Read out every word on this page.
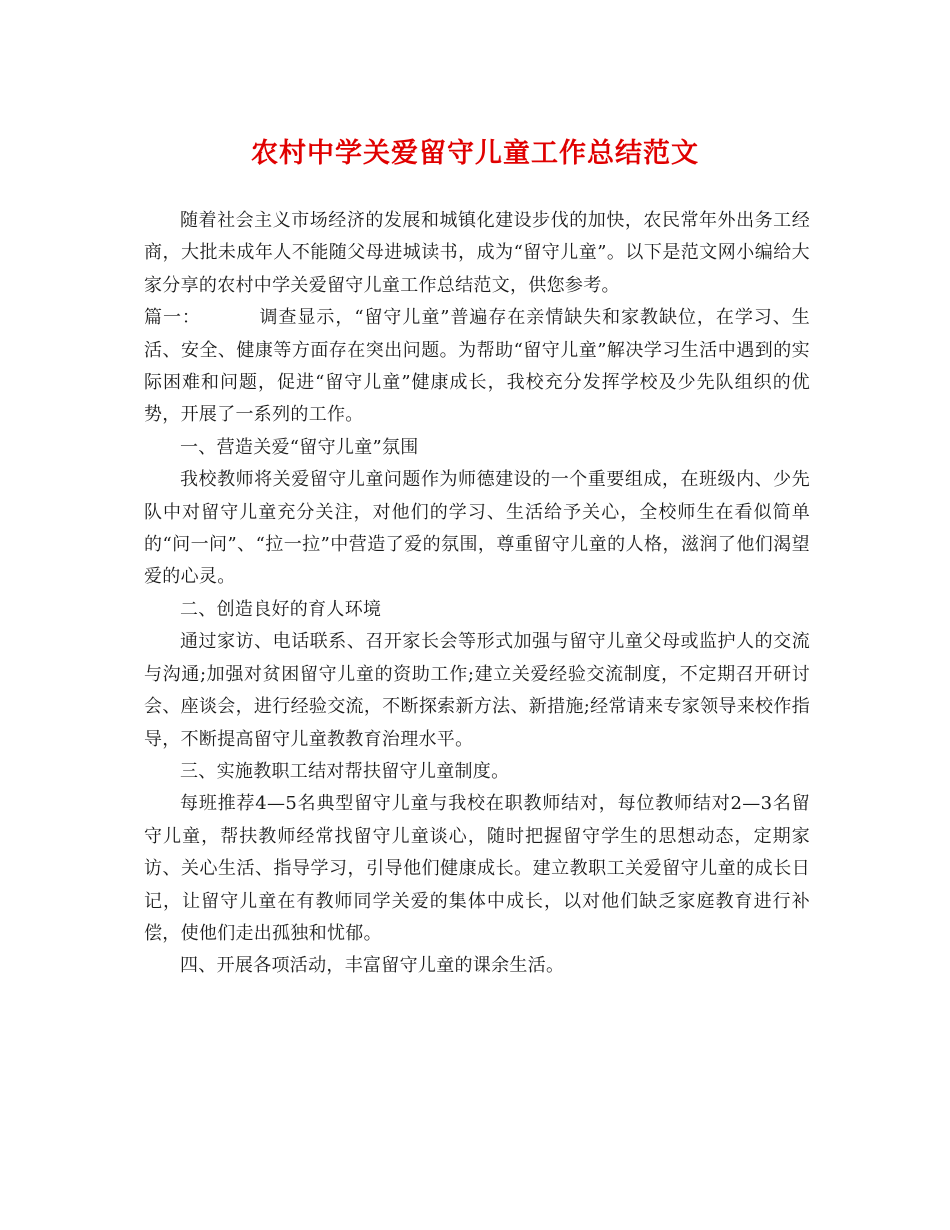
农村中学关爱留守儿童工作总结范文

随着社会主义市场经济的发展和城镇化建设步伐的加快，农民常年外出务工经商，大批未成年人不能随父母进城读书，成为“留守儿童”。以下是范文网小编给大家分享的农村中学关爱留守儿童工作总结范文，供您参考。

篇一：	调查显示，“留守儿童”普遍存在亲情缺失和家教缺位，在学习、生活、安全、健康等方面存在突出问题。为帮助“留守儿童”解决学习生活中遇到的实际困难和问题，促进“留守儿童”健康成长，我校充分发挥学校及少先队组织的优势，开展了一系列的工作。

一、营造关爱“留守儿童”氛围

我校教师将关爱留守儿童问题作为师德建设的一个重要组成，在班级内、少先队中对留守儿童充分关注，对他们的学习、生活给予关心，全校师生在看似简单的“问一问”、“拉一拉”中营造了爱的氛围，尊重留守儿童的人格，滋润了他们渴望爱的心灵。

二、创造良好的育人环境

通过家访、电话联系、召开家长会等形式加强与留守儿童父母或监护人的交流与沟通;加强对贫困留守儿童的资助工作;建立关爱经验交流制度，不定期召开研讨会、座谈会，进行经验交流，不断探索新方法、新措施;经常请来专家领导来校作指导，不断提高留守儿童教教育治理水平。

三、实施教职工结对帮扶留守儿童制度。

每班推荐4—5名典型留守儿童与我校在职教师结对，每位教师结对2—3名留守儿童，帮扶教师经常找留守儿童谈心，随时把握留守学生的思想动态，定期家访、关心生活、指导学习，引导他们健康成长。建立教职工关爱留守儿童的成长日记，让留守儿童在有教师同学关爱的集体中成长，以对他们缺乏家庭教育进行补偿，使他们走出孤独和忧郁。

四、开展各项活动，丰富留守儿童的课余生活。
